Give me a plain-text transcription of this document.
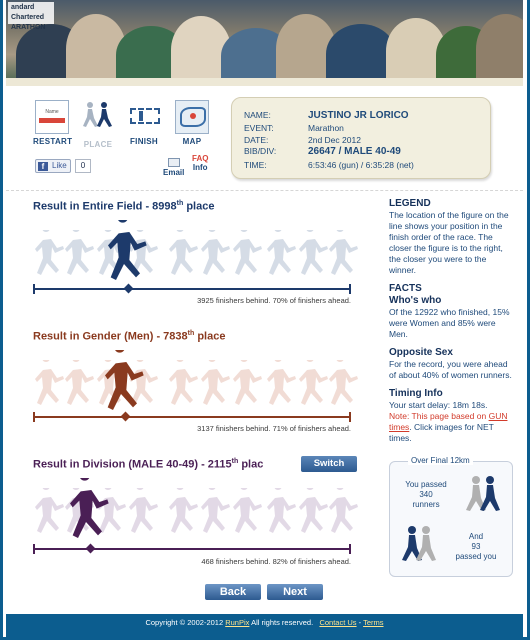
andard Chartered ARATHON
Name
RESTART	PLACE	FINISH	MAP
f Like	0
Email
FAQ
Info
NAME:	JUSTINO JR LORICO
EVENT:	Marathon
DATE:	2nd Dec 2012
BIB/DIV:	26647 / MALE 40-49
TIME:	6:53:46 (gun) / 6:35:28 (net)
Result in Entire Field - 8998th place
3925 finishers behind. 70% of finishers ahead.
Result in Gender (Men) - 7838th place
3137 finishers behind. 71% of finishers ahead.
Result in Division (MALE 40-49) - 2115th plac
468 finishers behind. 82% of finishers ahead.
Switch
LEGEND

The location of the figure on the line shows your position in the finish order of the race. The closer the figure is to the right, the closer you were to the winner.

FACTS
Who's who

Of the 12922 who finished, 15% were Women and 85% were Men.

Opposite Sex

For the record, you were ahead of about 40% of women runners.

Timing Info

Your start delay: 18m 18s.

Note: This page based on GUN times. Click images for NET times.

Over Final 12km
You passed
340
runners
And
93
passed you
Back	Next
Copyright © 2002-2012 RunPix All rights reserved. Contact Us - Terms
